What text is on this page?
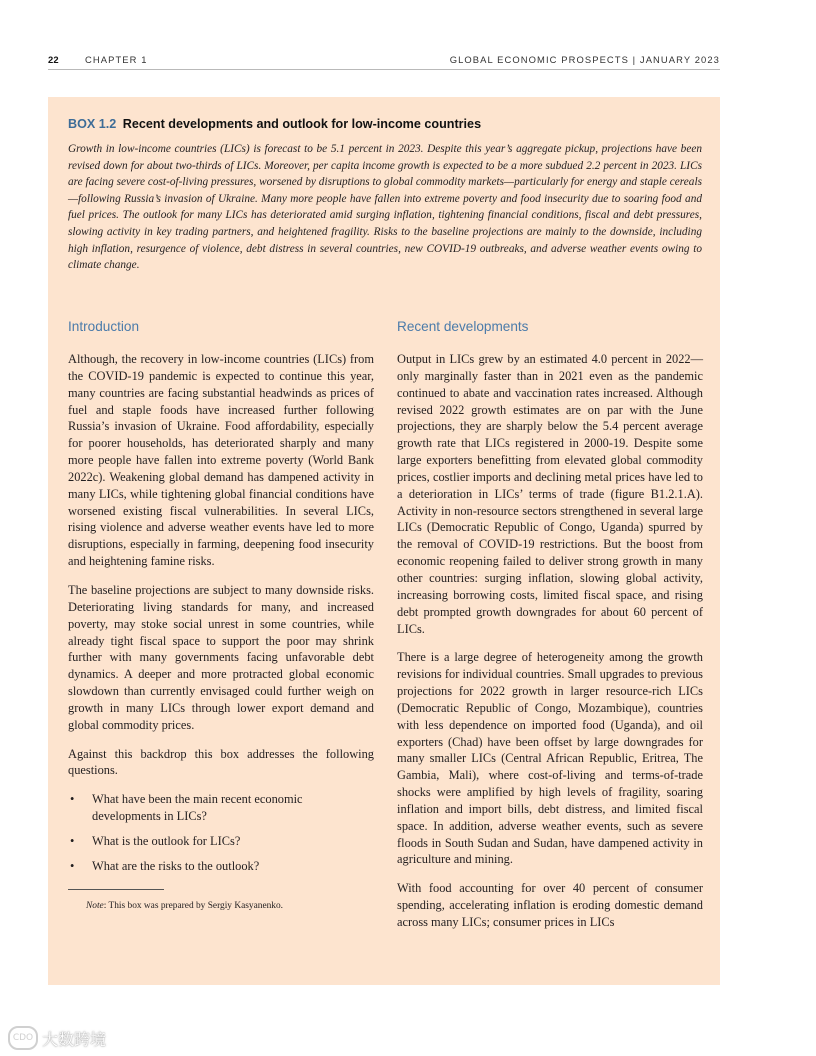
22	CHAPTER 1	GLOBAL ECONOMIC PROSPECTS | JANUARY 2023
BOX 1.2 Recent developments and outlook for low-income countries
Growth in low-income countries (LICs) is forecast to be 5.1 percent in 2023. Despite this year’s aggregate pickup, projections have been revised down for about two-thirds of LICs. Moreover, per capita income growth is expected to be a more subdued 2.2 percent in 2023. LICs are facing severe cost-of-living pressures, worsened by disruptions to global commodity markets—particularly for energy and staple cereals—following Russia’s invasion of Ukraine. Many more people have fallen into extreme poverty and food insecurity due to soaring food and fuel prices. The outlook for many LICs has deteriorated amid surging inflation, tightening financial conditions, fiscal and debt pressures, slowing activity in key trading partners, and heightened fragility. Risks to the baseline projections are mainly to the downside, including high inflation, resurgence of violence, debt distress in several countries, new COVID-19 outbreaks, and adverse weather events owing to climate change.
Introduction

Although, the recovery in low-income countries (LICs) from the COVID-19 pandemic is expected to continue this year, many countries are facing substantial headwinds as prices of fuel and staple foods have increased further following Russia’s invasion of Ukraine. Food affordability, especially for poorer households, has deteriorated sharply and many more people have fallen into extreme poverty (World Bank 2022c). Weakening global demand has dampened activity in many LICs, while tightening global financial conditions have worsened existing fiscal vulnerabilities. In several LICs, rising violence and adverse weather events have led to more disruptions, especially in farming, deepening food insecurity and heightening famine risks.

The baseline projections are subject to many downside risks. Deteriorating living standards for many, and increased poverty, may stoke social unrest in some countries, while already tight fiscal space to support the poor may shrink further with many governments facing unfavorable debt dynamics. A deeper and more protracted global economic slowdown than currently envisaged could further weigh on growth in many LICs through lower export demand and global commodity prices.

Against this backdrop this box addresses the following questions.

• What have been the main recent economic developments in LICs?
• What is the outlook for LICs?
• What are the risks to the outlook?
Note: This box was prepared by Sergiy Kasyanenko.
Recent developments

Output in LICs grew by an estimated 4.0 percent in 2022—only marginally faster than in 2021 even as the pandemic continued to abate and vaccination rates increased. Although revised 2022 growth estimates are on par with the June projections, they are sharply below the 5.4 percent average growth rate that LICs registered in 2000-19. Despite some large exporters benefitting from elevated global commodity prices, costlier imports and declining metal prices have led to a deterioration in LICs’ terms of trade (figure B1.2.1.A). Activity in non-resource sectors strengthened in several large LICs (Democratic Republic of Congo, Uganda) spurred by the removal of COVID-19 restrictions. But the boost from economic reopening failed to deliver strong growth in many other countries: surging inflation, slowing global activity, increasing borrowing costs, limited fiscal space, and rising debt prompted growth downgrades for about 60 percent of LICs.

There is a large degree of heterogeneity among the growth revisions for individual countries. Small upgrades to previous projections for 2022 growth in larger resource-rich LICs (Democratic Republic of Congo, Mozambique), countries with less dependence on imported food (Uganda), and oil exporters (Chad) have been offset by large downgrades for many smaller LICs (Central African Republic, Eritrea, The Gambia, Mali), where cost-of-living and terms-of-trade shocks were amplified by high levels of fragility, soaring inflation and import bills, debt distress, and limited fiscal space. In addition, adverse weather events, such as severe floods in South Sudan and Sudan, have dampened activity in agriculture and mining.

With food accounting for over 40 percent of consumer spending, accelerating inflation is eroding domestic demand across many LICs; consumer prices in LICs

CDO 大数跨境
